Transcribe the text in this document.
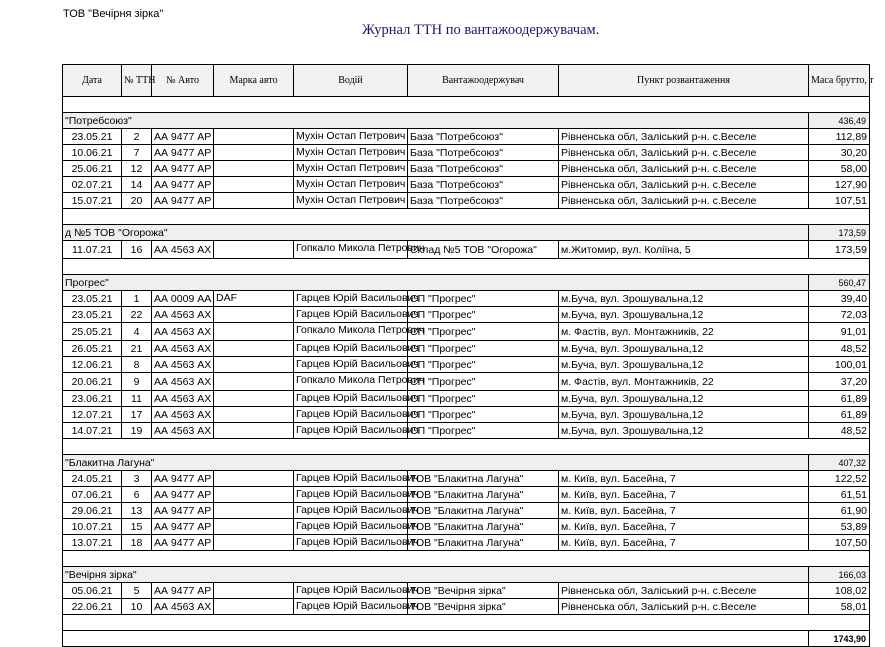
ТОВ "Вечірня зірка"
Журнал ТТН по вантажоодержувачам.
Дата	№ ТТН	№ Авто	Марка авто	Водій	Вантажоодержувач	Пункт розвантаження	Маса брутто, т

"Потребсоюз"							436,49
23.05.21	2	АА 9477 АР		Мухін Остап Петрович	База "Потребсоюз"	Рівненська обл, Заліський р-н. с.Веселе	112,89
10.06.21	7	АА 9477 АР		Мухін Остап Петрович	База "Потребсоюз"	Рівненська обл, Заліський р-н. с.Веселе	30,20
25.06.21	12	АА 9477 АР		Мухін Остап Петрович	База "Потребсоюз"	Рівненська обл, Заліський р-н. с.Веселе	58,00
02.07.21	14	АА 9477 АР		Мухін Остап Петрович	База "Потребсоюз"	Рівненська обл, Заліський р-н. с.Веселе	127,90
15.07.21	20	АА 9477 АР		Мухін Остап Петрович	База "Потребсоюз"	Рівненська обл, Заліський р-н. с.Веселе	107,51

д №5 ТОВ "Огорожа"							173,59
11.07.21	16	АА 4563 АХ		Гопкало Микола Петрович	Склад №5 ТОВ "Огорожа"	м.Житомир, вул. Коліїна, 5	173,59

Прогрес"							560,47
23.05.21	1	АА 0009 АА	DAF	Гарцев Юрій Васильович	СП "Прогрес"	м.Буча, вул. Зрошувальна,12	39,40
23.05.21	22	АА 4563 АХ		Гарцев Юрій Васильович	СП "Прогрес"	м.Буча, вул. Зрошувальна,12	72,03
25.05.21	4	АА 4563 АХ		Гопкало Микола Петрович	СП "Прогрес"	м. Фастів, вул. Монтажників, 22	91,01
26.05.21	21	АА 4563 АХ		Гарцев Юрій Васильович	СП "Прогрес"	м.Буча, вул. Зрошувальна,12	48,52
12.06.21	8	АА 4563 АХ		Гарцев Юрій Васильович	СП "Прогрес"	м.Буча, вул. Зрошувальна,12	100,01
20.06.21	9	АА 4563 АХ		Гопкало Микола Петрович	СП "Прогрес"	м. Фастів, вул. Монтажників, 22	37,20
23.06.21	11	АА 4563 АХ		Гарцев Юрій Васильович	СП "Прогрес"	м.Буча, вул. Зрошувальна,12	61,89
12.07.21	17	АА 4563 АХ		Гарцев Юрій Васильович	СП "Прогрес"	м.Буча, вул. Зрошувальна,12	61,89
14.07.21	19	АА 4563 АХ		Гарцев Юрій Васильович	СП "Прогрес"	м.Буча, вул. Зрошувальна,12	48,52

"Блакитна Лагуна"							407,32
24.05.21	3	АА 9477 АР		Гарцев Юрій Васильович	ТОВ "Блакитна Лагуна"	м. Київ, вул. Басейна, 7	122,52
07.06.21	6	АА 9477 АР		Гарцев Юрій Васильович	ТОВ "Блакитна Лагуна"	м. Київ, вул. Басейна, 7	61,51
29.06.21	13	АА 9477 АР		Гарцев Юрій Васильович	ТОВ "Блакитна Лагуна"	м. Київ, вул. Басейна, 7	61,90
10.07.21	15	АА 9477 АР		Гарцев Юрій Васильович	ТОВ "Блакитна Лагуна"	м. Київ, вул. Басейна, 7	53,89
13.07.21	18	АА 9477 АР		Гарцев Юрій Васильович	ТОВ "Блакитна Лагуна"	м. Київ, вул. Басейна, 7	107,50

"Вечірня зірка"							166,03
05.06.21	5	АА 9477 АР		Гарцев Юрій Васильович	ТОВ "Вечірня зірка"	Рівненська обл, Заліський р-н. с.Веселе	108,02
22.06.21	10	АА 4563 АХ		Гарцев Юрій Васильович	ТОВ "Вечірня зірка"	Рівненська обл, Заліський р-н. с.Веселе	58,01

							1743,90
